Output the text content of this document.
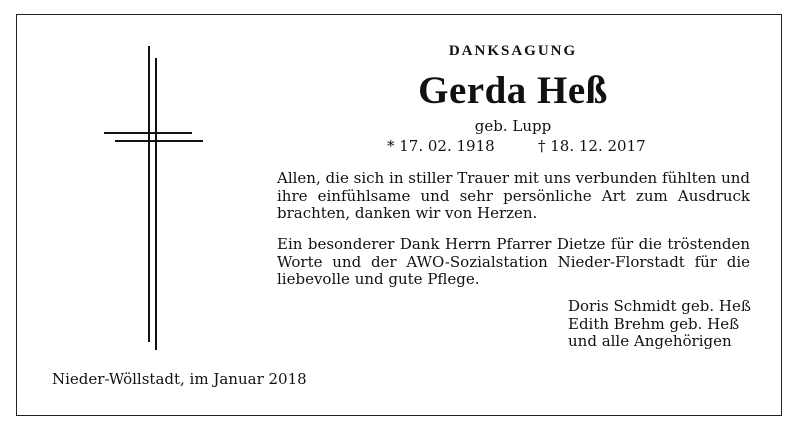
DANKSAGUNG
Gerda Heß
geb. Lupp
* 17. 02. 1918	† 18. 12. 2017
Allen, die sich in stiller Trauer mit uns verbunden fühlten und ihre einfühlsame und sehr persönliche Art zum Ausdruck brachten, danken wir von Herzen.
Ein besonderer Dank Herrn Pfarrer Dietze für die tröstenden Worte und der AWO-Sozialstation Nieder-Florstadt für die liebevolle und gute Pflege.
Doris Schmidt geb. Heß
Edith Brehm geb. Heß
und alle Angehörigen
Nieder-Wöllstadt, im Januar 2018
